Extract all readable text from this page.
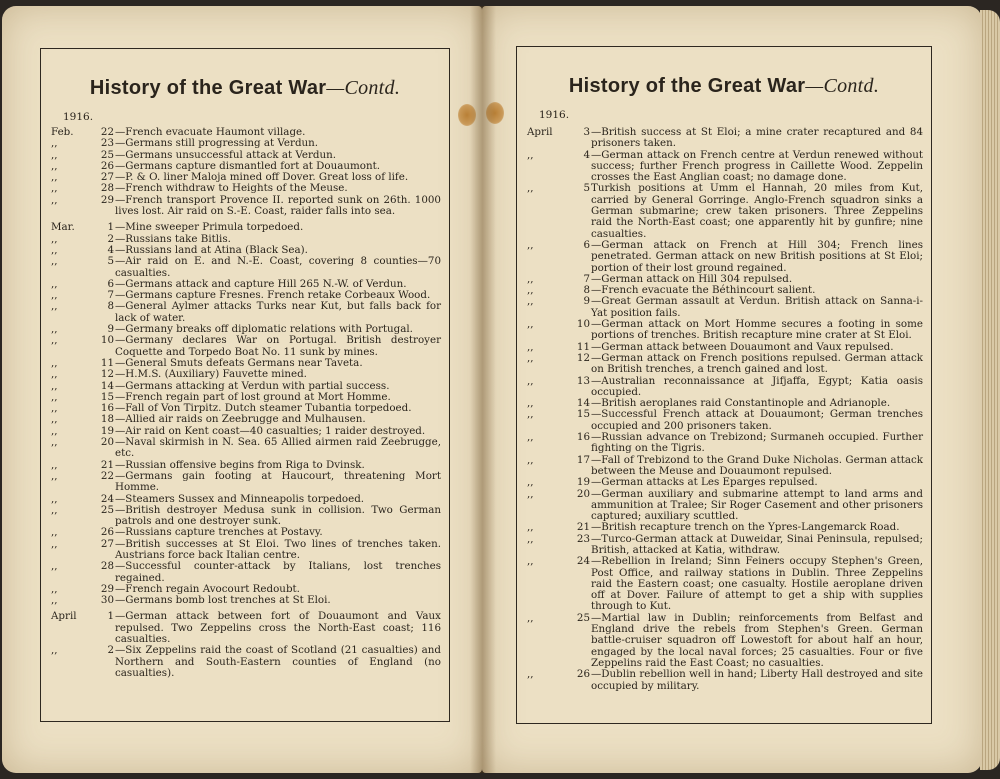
History of the Great War—Contd.
1916.
Feb.	22 —French evacuate Haumont village.
,,	23 —Germans still progressing at Verdun.
,,	25 —Germans unsuccessful attack at Verdun.
,,	26 —Germans capture dismantled fort at Douaumont.
,,	27 —P. & O. liner Maloja mined off Dover. Great loss of life.
,,	28 —French withdraw to Heights of the Meuse.
,,	29 —French transport Provence II. reported sunk on 26th. 1000 lives lost. Air raid on S.-E. Coast, raider falls into sea.
Mar.	1 —Mine sweeper Primula torpedoed.
,,	2 —Russians take Bitlis.
,,	4 —Russians land at Atina (Black Sea).
,,	5 —Air raid on E. and N.-E. Coast, covering 8 counties—70 casualties.
,,	6 —Germans attack and capture Hill 265 N.-W. of Verdun.
,,	7 —Germans capture Fresnes. French retake Corbeaux Wood.
,,	8 —General Aylmer attacks Turks near Kut, but falls back for lack of water.
,,	9 —Germany breaks off diplomatic relations with Portugal.
,,	10 —Germany declares War on Portugal. British destroyer Coquette and Torpedo Boat No. 11 sunk by mines.
,,	11 —General Smuts defeats Germans near Taveta.
,,	12 —H.M.S. (Auxiliary) Fauvette mined.
,,	14 —Germans attacking at Verdun with partial success.
,,	15 —French regain part of lost ground at Mort Homme.
,,	16 —Fall of Von Tirpitz. Dutch steamer Tubantia torpedoed.
,,	18 —Allied air raids on Zeebrugge and Mulhausen.
,,	19 —Air raid on Kent coast—40 casualties; 1 raider destroyed.
,,	20 —Naval skirmish in N. Sea. 65 Allied airmen raid Zeebrugge, etc.
,,	21 —Russian offensive begins from Riga to Dvinsk.
,,	22 —Germans gain footing at Haucourt, threatening Mort Homme.
,,	24 —Steamers Sussex and Minneapolis torpedoed.
,,	25 —British destroyer Medusa sunk in collision. Two German patrols and one destroyer sunk.
,,	26 —Russians capture trenches at Postavy.
,,	27 —British successes at St Eloi. Two lines of trenches taken. Austrians force back Italian centre.
,,	28 —Successful counter-attack by Italians, lost trenches regained.
,,	29 —French regain Avocourt Redoubt.
,,	30 —Germans bomb lost trenches at St Eloi.
April	1 —German attack between fort of Douaumont and Vaux repulsed. Two Zeppelins cross the North-East coast; 116 casualties.
,,	2 —Six Zeppelins raid the coast of Scotland (21 casualties) and Northern and South-Eastern counties of England (no casualties).
History of the Great War—Contd.
1916.
April	3 —British success at St Eloi; a mine crater recaptured and 84 prisoners taken.
,,	4 —German attack on French centre at Verdun renewed without success; further French progress in Caillette Wood. Zeppelin crosses the East Anglian coast; no damage done.
,,	5 Turkish positions at Umm el Hannah, 20 miles from Kut, carried by General Gorringe. Anglo-French squadron sinks a German submarine; crew taken prisoners. Three Zeppelins raid the North-East coast; one apparently hit by gunfire; nine casualties.
,,	6 —German attack on French at Hill 304; French lines penetrated. German attack on new British positions at St Eloi; portion of their lost ground regained.
,,	7 —German attack on Hill 304 repulsed.
,,	8 —French evacuate the Béthincourt salient.
,,	9 —Great German assault at Verdun. British attack on Sanna-i-Yat position fails.
,,	10 —German attack on Mort Homme secures a footing in some portions of trenches. British recapture mine crater at St Eloi.
,,	11 —German attack between Douaumont and Vaux repulsed.
,,	12 —German attack on French positions repulsed. German attack on British trenches, a trench gained and lost.
,,	13 —Australian reconnaissance at Jifjaffa, Egypt; Katia oasis occupied.
,,	14 —British aeroplanes raid Constantinople and Adrianople.
,,	15 —Successful French attack at Douaumont; German trenches occupied and 200 prisoners taken.
,,	16 —Russian advance on Trebizond; Surmaneh occupied. Further fighting on the Tigris.
,,	17 —Fall of Trebizond to the Grand Duke Nicholas. German attack between the Meuse and Douaumont repulsed.
,,	19 —German attacks at Les Eparges repulsed.
,,	20 —German auxiliary and submarine attempt to land arms and ammunition at Tralee; Sir Roger Casement and other prisoners captured; auxiliary scuttled.
,,	21 —British recapture trench on the Ypres-Langemarck Road.
,,	23 —Turco-German attack at Duweidar, Sinai Peninsula, repulsed; British, attacked at Katia, withdraw.
,,	24 —Rebellion in Ireland; Sinn Feiners occupy Stephen's Green, Post Office, and railway stations in Dublin. Three Zeppelins raid the Eastern coast; one casualty. Hostile aeroplane driven off at Dover. Failure of attempt to get a ship with supplies through to Kut.
,,	25 —Martial law in Dublin; reinforcements from Belfast and England drive the rebels from Stephen's Green. German battle-cruiser squadron off Lowestoft for about half an hour, engaged by the local naval forces; 25 casualties. Four or five Zeppelins raid the East Coast; no casualties.
,,	26 —Dublin rebellion well in hand; Liberty Hall destroyed and site occupied by military.
